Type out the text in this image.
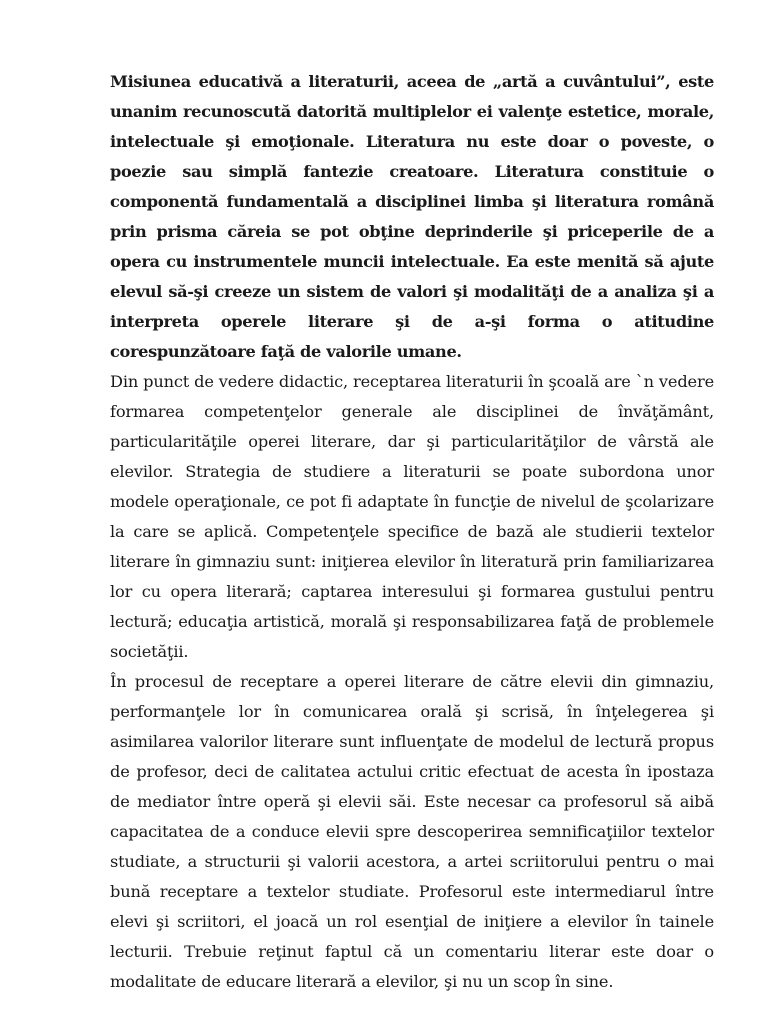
Misiunea educativă a literaturii, aceea de „artă a cuvântului”, este unanim recunoscută datorită multiplelor ei valenţe estetice, morale, intelectuale şi emoţionale. Literatura nu este doar o poveste, o poezie sau simplă fantezie creatoare. Literatura constituie o componentă fundamentală a disciplinei limba şi literatura română prin prisma căreia se pot obţine deprinderile şi priceperile de a opera cu instrumentele muncii intelectuale. Ea este menită să ajute elevul să-şi creeze un sistem de valori şi modalităţi de a analiza şi a interpreta operele literare şi de a-şi forma o atitudine corespunzătoare faţă de valorile umane.

Din punct de vedere didactic, receptarea literaturii în şcoală are `n vedere formarea competenţelor generale ale disciplinei de învăţământ, particularităţile operei literare, dar şi particularităţilor de vârstă ale elevilor. Strategia de studiere a literaturii se poate subordona unor modele operaţionale, ce pot fi adaptate în funcţie de nivelul de şcolarizare la care se aplică. Competenţele specifice de bază ale studierii textelor literare în gimnaziu sunt: iniţierea elevilor în literatură prin familiarizarea lor cu opera literară; captarea interesului şi formarea gustului pentru lectură; educaţia artistică, morală şi responsabilizarea faţă de problemele societăţii.

În procesul de receptare a operei literare de către elevii din gimnaziu, performanţele lor în comunicarea orală şi scrisă, în înţelegerea şi asimilarea valorilor literare sunt influenţate de modelul de lectură propus de profesor, deci de calitatea actului critic efectuat de acesta în ipostaza de mediator între operă şi elevii săi. Este necesar ca profesorul să aibă capacitatea de a conduce elevii spre descoperirea semnificaţiilor textelor studiate, a structurii şi valorii acestora, a artei scriitorului pentru o mai bună receptare a textelor studiate. Profesorul este intermediarul între elevi şi scriitori, el joacă un rol esenţial de iniţiere a elevilor în tainele lecturii. Trebuie reţinut faptul că un comentariu literar este doar o modalitate de educare literară a elevilor, şi nu un scop în sine.
